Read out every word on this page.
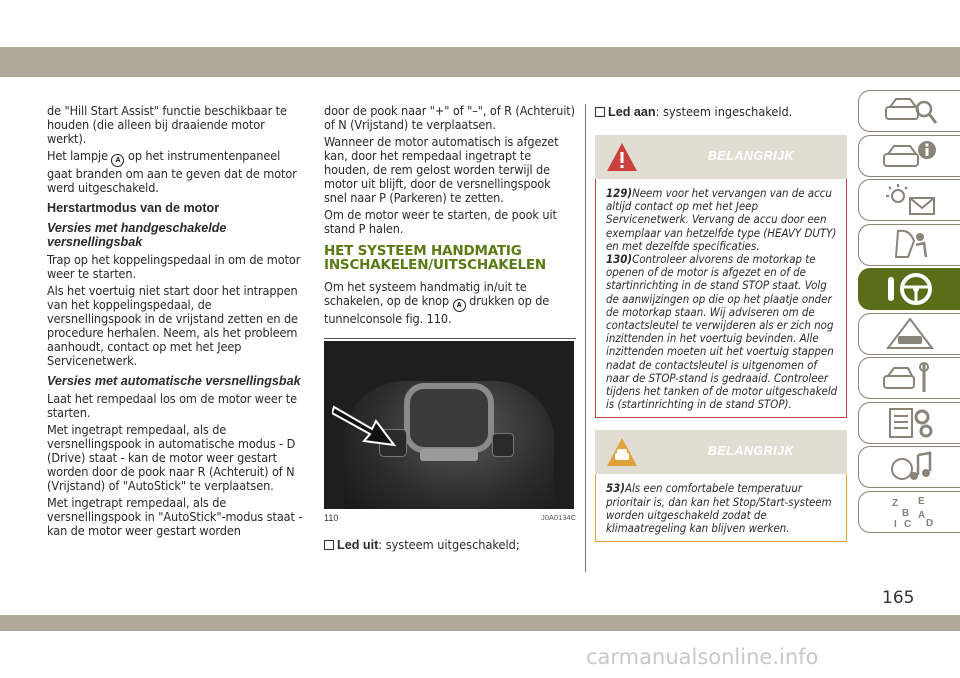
de "Hill Start Assist" functie beschikbaar te houden (die alleen bij draaiende motor werkt).

Het lampje A op het instrumentenpaneel gaat branden om aan te geven dat de motor werd uitgeschakeld.

Herstartmodus van de motor
Versies met handgeschakelde versnellingsbak

Trap op het koppelingspedaal in om de motor weer te starten.

Als het voertuig niet start door het intrappen van het koppelingspedaal, de versnellingspook in de vrijstand zetten en de procedure herhalen. Neem, als het probleem aanhoudt, contact op met het Jeep Servicenetwerk.

Versies met automatische versnellingsbak

Laat het rempedaal los om de motor weer te starten.

Met ingetrapt rempedaal, als de versnellingspook in automatische modus - D (Drive) staat - kan de motor weer gestart worden door de pook naar R (Achteruit) of N (Vrijstand) of "AutoStick" te verplaatsen.

Met ingetrapt rempedaal, als de versnellingspook in "AutoStick"-modus staat - kan de motor weer gestart worden

door de pook naar "+" of "–", of R (Achteruit) of N (Vrijstand) te verplaatsen.

Wanneer de motor automatisch is afgezet kan, door het rempedaal ingetrapt te houden, de rem gelost worden terwijl de motor uit blijft, door de versnellingspook snel naar P (Parkeren) te zetten.

Om de motor weer te starten, de pook uit stand P halen.

HET SYSTEEM HANDMATIG INSCHAKELEN/UITSCHAKELEN

Om het systeem handmatig in/uit te schakelen, op de knop A drukken op de tunnelconsole fig. 110.

110	J0A0134C
Led uit: systeem uitgeschakeld;
Led aan: systeem ingeschakeld.
BELANGRIJK

129)Neem voor het vervangen van de accu altijd contact op met het Jeep Servicenetwerk. Vervang de accu door een exemplaar van hetzelfde type (HEAVY DUTY) en met dezelfde specificaties.

130)Controleer alvorens de motorkap te openen of de motor is afgezet en of de startinrichting in de stand STOP staat. Volg de aanwijzingen op die op het plaatje onder de motorkap staan. Wij adviseren om de contactsleutel te verwijderen als er zich nog inzittenden in het voertuig bevinden. Alle inzittenden moeten uit het voertuig stappen nadat de contactsleutel is uitgenomen of naar de STOP-stand is gedraaid. Controleer tijdens het tanken of de motor uitgeschakeld is (startinrichting in de stand STOP).

BELANGRIJK

53)Als een comfortabele temperatuur prioritair is, dan kan het Stop/Start-systeem worden uitgeschakeld zodat de klimaatregeling kan blijven werken.

Z E
B A
I C D
165
carmanualsonline.info
